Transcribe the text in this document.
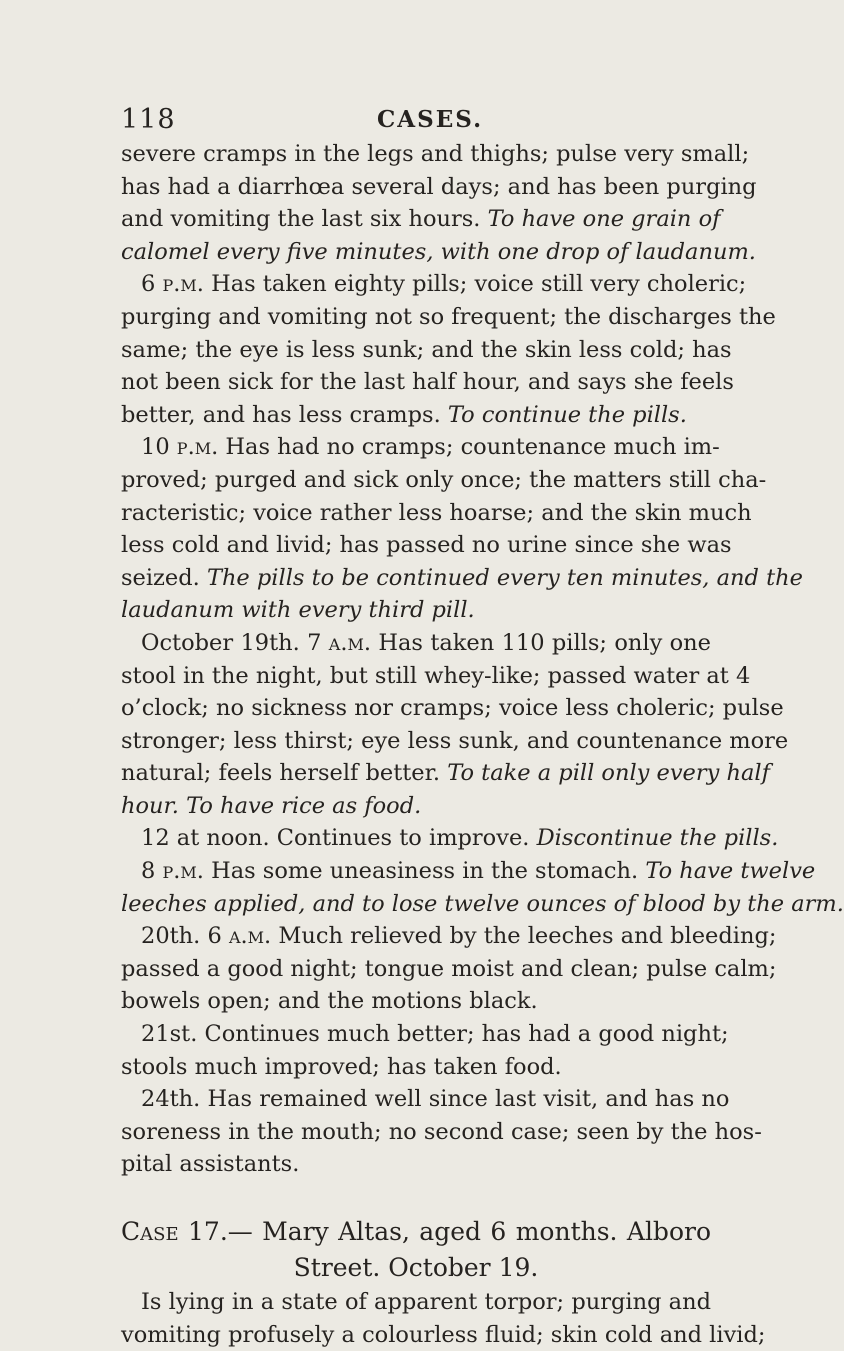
118	CASES.
severe cramps in the legs and thighs; pulse very small;
has had a diarrhœa several days; and has been purging
and vomiting the last six hours. To have one grain of
calomel every five minutes, with one drop of laudanum.
6 p.m. Has taken eighty pills; voice still very choleric;
purging and vomiting not so frequent; the discharges the
same; the eye is less sunk; and the skin less cold; has
not been sick for the last half hour, and says she feels
better, and has less cramps. To continue the pills.
10 p.m. Has had no cramps; countenance much im-
proved; purged and sick only once; the matters still cha-
racteristic; voice rather less hoarse; and the skin much
less cold and livid; has passed no urine since she was
seized. The pills to be continued every ten minutes, and the
laudanum with every third pill.
October 19th. 7 a.m. Has taken 110 pills; only one
stool in the night, but still whey-like; passed water at 4
o’clock; no sickness nor cramps; voice less choleric; pulse
stronger; less thirst; eye less sunk, and countenance more
natural; feels herself better. To take a pill only every half
hour. To have rice as food.
12 at noon. Continues to improve. Discontinue the pills.
8 p.m. Has some uneasiness in the stomach. To have twelve
leeches applied, and to lose twelve ounces of blood by the arm.
20th. 6 a.m. Much relieved by the leeches and bleeding;
passed a good night; tongue moist and clean; pulse calm;
bowels open; and the motions black.
21st. Continues much better; has had a good night;
stools much improved; has taken food.
24th. Has remained well since last visit, and has no
soreness in the mouth; no second case; seen by the hos-
pital assistants.
Case 17.— Mary Altas, aged 6 months. Alboro
Street. October 19.
Is lying in a state of apparent torpor; purging and
vomiting profusely a colourless fluid; skin cold and livid;
